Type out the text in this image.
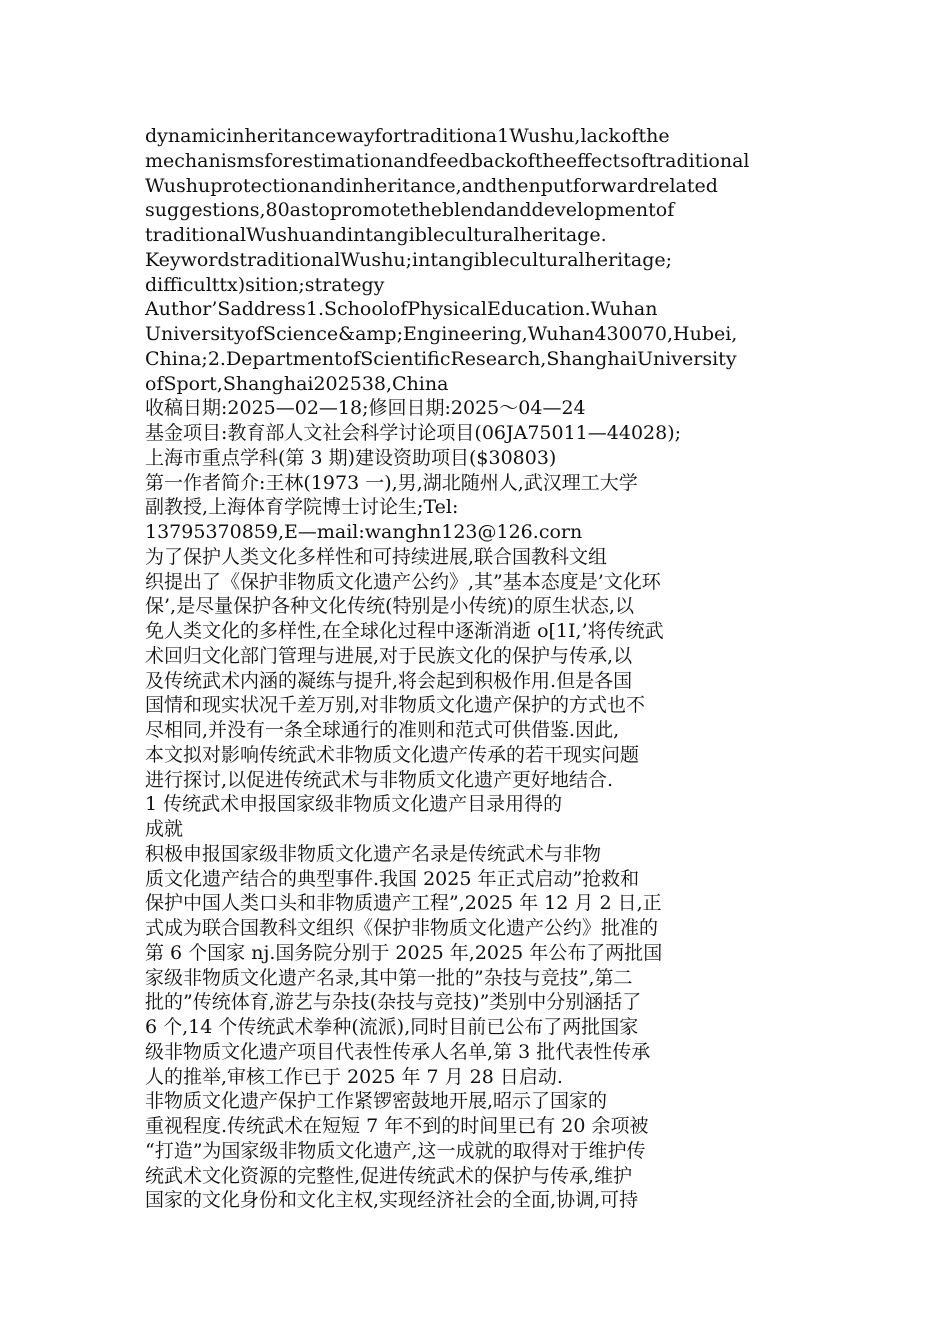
dynamicinheritancewayfortraditiona1Wushu,lackofthe
mechanismsforestimationandfeedbackoftheeffectsoftraditional
Wushuprotectionandinheritance,andthenputforwardrelated
suggestions,80astopromotetheblendanddevelopmentof
traditionalWushuandintangibleculturalheritage.
KeywordstraditionalWushu;intangibleculturalheritage;
difficulttx)sition;strategy
Author’Saddress1.SchoolofPhysicalEducation.Wuhan
UniversityofScience&amp;Engineering,Wuhan430070,Hubei,
China;2.DepartmentofScientificResearch,ShanghaiUniversity
ofSport,Shanghai202538,China
收稿日期:2025—02—18;修回日期:2025～04—24
基金项目:教育部人文社会科学讨论项目(06JA75011—44028);
上海市重点学科(第 3 期)建设资助项目($30803)
第一作者简介:王林(1973 一),男,湖北随州人,武汉理工大学
副教授,上海体育学院博士讨论生;Tel:
13795370859,E—mail:wanghn123@126.corn
为了保护人类文化多样性和可持续进展,联合国教科文组
织提出了《保护非物质文化遗产公约》,其”基本态度是’文化环
保’,是尽量保护各种文化传统(特别是小传统)的原生状态,以
免人类文化的多样性,在全球化过程中逐渐消逝 o[1I,’将传统武
术回归文化部门管理与进展,对于民族文化的保护与传承,以
及传统武术内涵的凝练与提升,将会起到积极作用.但是各国
国情和现实状况千差万别,对非物质文化遗产保护的方式也不
尽相同,并没有一条全球通行的准则和范式可供借鉴.因此,
本文拟对影响传统武术非物质文化遗产传承的若干现实问题
进行探讨,以促进传统武术与非物质文化遗产更好地结合.
1 传统武术申报国家级非物质文化遗产目录用得的
成就
积极申报国家级非物质文化遗产名录是传统武术与非物
质文化遗产结合的典型事件.我国 2025 年正式启动”抢救和
保护中国人类口头和非物质遗产工程”,2025 年 12 月 2 日,正
式成为联合国教科文组织《保护非物质文化遗产公约》批准的
第 6 个国家 nj.国务院分别于 2025 年,2025 年公布了两批国
家级非物质文化遗产名录,其中第一批的”杂技与竞技”,第二
批的”传统体育,游艺与杂技(杂技与竞技)”类别中分别涵括了
6 个,14 个传统武术拳种(流派),同时目前已公布了两批国家
级非物质文化遗产项目代表性传承人名单,第 3 批代表性传承
人的推举,审核工作已于 2025 年 7 月 28 日启动.
非物质文化遗产保护工作紧锣密鼓地开展,昭示了国家的
重视程度.传统武术在短短 7 年不到的时间里已有 20 余项被
“打造”为国家级非物质文化遗产,这一成就的取得对于维护传
统武术文化资源的完整性,促进传统武术的保护与传承,维护
国家的文化身份和文化主权,实现经济社会的全面,协调,可持
